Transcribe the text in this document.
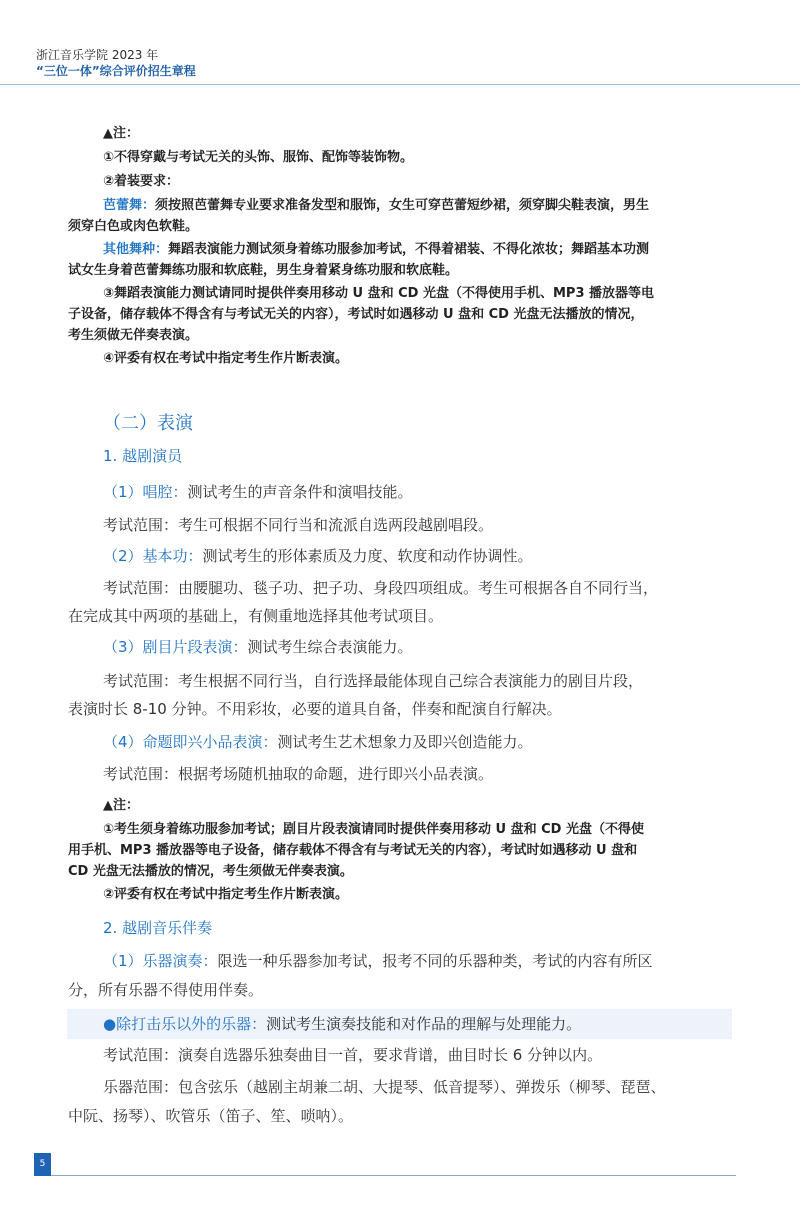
浙江音乐学院 2023 年
“三位一体”综合评价招生章程
▲注：
①不得穿戴与考试无关的头饰、服饰、配饰等装饰物。
②着装要求：
芭蕾舞：须按照芭蕾舞专业要求准备发型和服饰，女生可穿芭蕾短纱裙，须穿脚尖鞋表演，男生
须穿白色或肉色软鞋。
其他舞种：舞蹈表演能力测试须身着练功服参加考试，不得着裙装、不得化浓妆；舞蹈基本功测
试女生身着芭蕾舞练功服和软底鞋，男生身着紧身练功服和软底鞋。
③舞蹈表演能力测试请同时提供伴奏用移动 U 盘和 CD 光盘（不得使用手机、MP3 播放器等电
子设备，储存载体不得含有与考试无关的内容），考试时如遇移动 U 盘和 CD 光盘无法播放的情况，
考生须做无伴奏表演。
④评委有权在考试中指定考生作片断表演。
（二）表演
1. 越剧演员
（1）唱腔：测试考生的声音条件和演唱技能。
考试范围：考生可根据不同行当和流派自选两段越剧唱段。
（2）基本功：测试考生的形体素质及力度、软度和动作协调性。
考试范围：由腰腿功、毯子功、把子功、身段四项组成。考生可根据各自不同行当，
在完成其中两项的基础上，有侧重地选择其他考试项目。
（3）剧目片段表演：测试考生综合表演能力。
考试范围：考生根据不同行当，自行选择最能体现自己综合表演能力的剧目片段，
表演时长 8-10 分钟。不用彩妆，必要的道具自备，伴奏和配演自行解决。
（4）命题即兴小品表演：测试考生艺术想象力及即兴创造能力。
考试范围：根据考场随机抽取的命题，进行即兴小品表演。
▲注：
①考生须身着练功服参加考试；剧目片段表演请同时提供伴奏用移动 U 盘和 CD 光盘（不得使
用手机、MP3 播放器等电子设备，储存载体不得含有与考试无关的内容），考试时如遇移动 U 盘和
CD 光盘无法播放的情况，考生须做无伴奏表演。
②评委有权在考试中指定考生作片断表演。
2. 越剧音乐伴奏
（1）乐器演奏：限选一种乐器参加考试，报考不同的乐器种类，考试的内容有所区
分，所有乐器不得使用伴奏。
●除打击乐以外的乐器：测试考生演奏技能和对作品的理解与处理能力。
考试范围：演奏自选器乐独奏曲目一首，要求背谱，曲目时长 6 分钟以内。
乐器范围：包含弦乐（越剧主胡兼二胡、大提琴、低音提琴）、弹拨乐（柳琴、琵琶、
中阮、扬琴）、吹管乐（笛子、笙、唢呐）。
5
